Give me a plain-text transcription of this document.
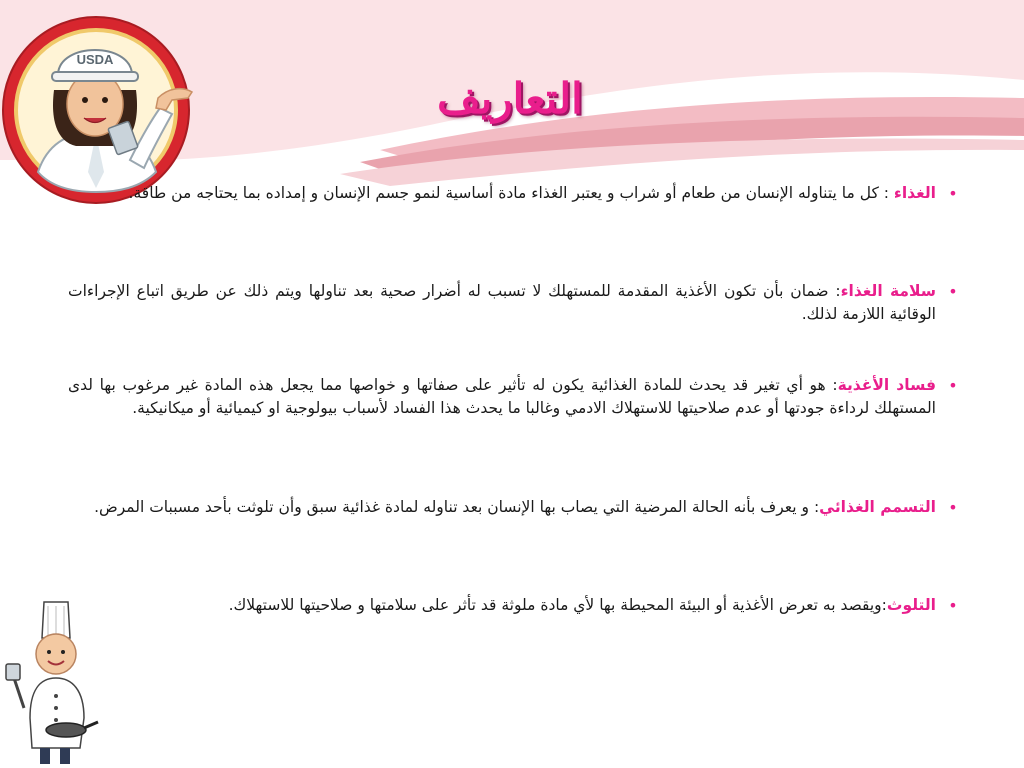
USDA
التعاريف
•
الغذاء : كل ما يتناوله الإنسان من طعام أو شراب و يعتبر الغذاء مادة أساسية لنمو جسم الإنسان و إمداده بما يحتاجه من طاقة.
•
سلامة الغذاء: ضمان بأن تكون الأغذية المقدمة للمستهلك لا تسبب له أضرار صحية بعد تناولها ويتم ذلك عن طريق اتباع الإجراءات الوقائية اللازمة لذلك.
•
فساد الأغذية: هو أي تغير قد يحدث للمادة الغذائية يكون له تأثير على صفاتها و خواصها مما يجعل هذه المادة غير مرغوب بها لدى المستهلك لرداءة جودتها أو عدم صلاحيتها للاستهلاك الادمي وغالبا ما يحدث هذا الفساد لأسباب بيولوجية او كيميائية أو ميكانيكية.
•
التسمم الغذائي: و يعرف بأنه الحالة المرضية التي يصاب بها الإنسان بعد تناوله لمادة غذائية سبق وأن تلوثت بأحد مسببات المرض.
•
التلوث:ويقصد به تعرض الأغذية أو البيئة المحيطة بها لأي مادة ملوثة قد تأثر على سلامتها و صلاحيتها للاستهلاك.
